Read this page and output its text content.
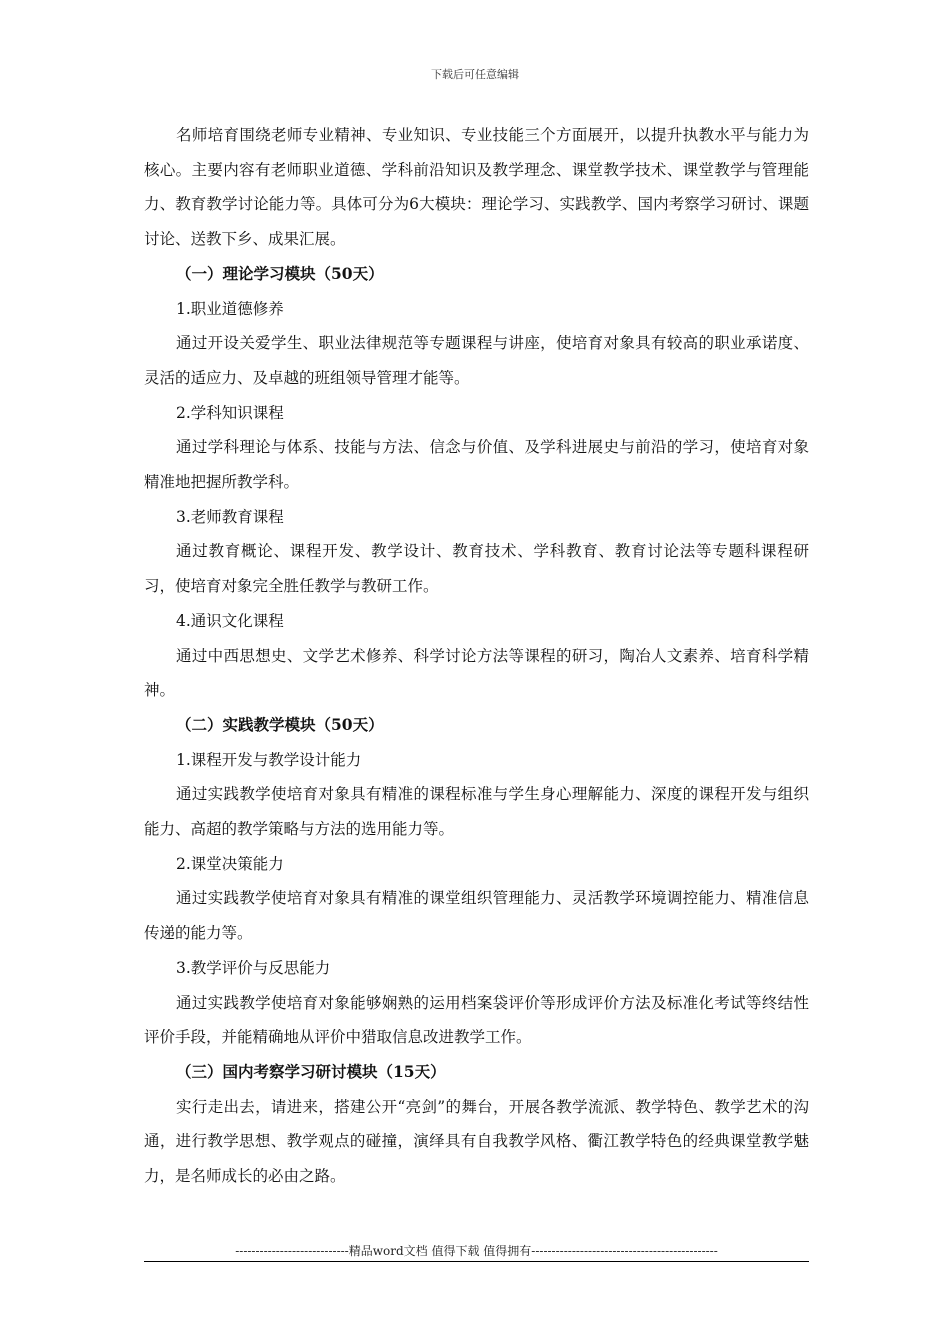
下载后可任意编辑

名师培育围绕老师专业精神、专业知识、专业技能三个方面展开，以提升执教水平与能力为核心。主要内容有老师职业道德、学科前沿知识及教学理念、课堂教学技术、课堂教学与管理能力、教育教学讨论能力等。具体可分为6大模块：理论学习、实践教学、国内考察学习研讨、课题讨论、送教下乡、成果汇展。

（一）理论学习模块（50天）

1.职业道德修养

通过开设关爱学生、职业法律规范等专题课程与讲座，使培育对象具有较高的职业承诺度、灵活的适应力、及卓越的班组领导管理才能等。

2.学科知识课程

通过学科理论与体系、技能与方法、信念与价值、及学科进展史与前沿的学习，使培育对象精准地把握所教学科。

3.老师教育课程

通过教育概论、课程开发、教学设计、教育技术、学科教育、教育讨论法等专题科课程研习，使培育对象完全胜任教学与教研工作。

4.通识文化课程

通过中西思想史、文学艺术修养、科学讨论方法等课程的研习，陶冶人文素养、培育科学精神。

（二）实践教学模块（50天）

1.课程开发与教学设计能力

通过实践教学使培育对象具有精准的课程标准与学生身心理解能力、深度的课程开发与组织能力、高超的教学策略与方法的选用能力等。

2.课堂决策能力

通过实践教学使培育对象具有精准的课堂组织管理能力、灵活教学环境调控能力、精准信息传递的能力等。

3.教学评价与反思能力

通过实践教学使培育对象能够娴熟的运用档案袋评价等形成评价方法及标准化考试等终结性评价手段，并能精确地从评价中猎取信息改进教学工作。

（三）国内考察学习研讨模块（15天）

实行走出去，请进来，搭建公开“亮剑”的舞台，开展各教学流派、教学特色、教学艺术的沟通，进行教学思想、教学观点的碰撞，演绎具有自我教学风格、衢江教学特色的经典课堂教学魅力，是名师成长的必由之路。

----------------------------精品word文档 值得下载 值得拥有----------------------------------------------
